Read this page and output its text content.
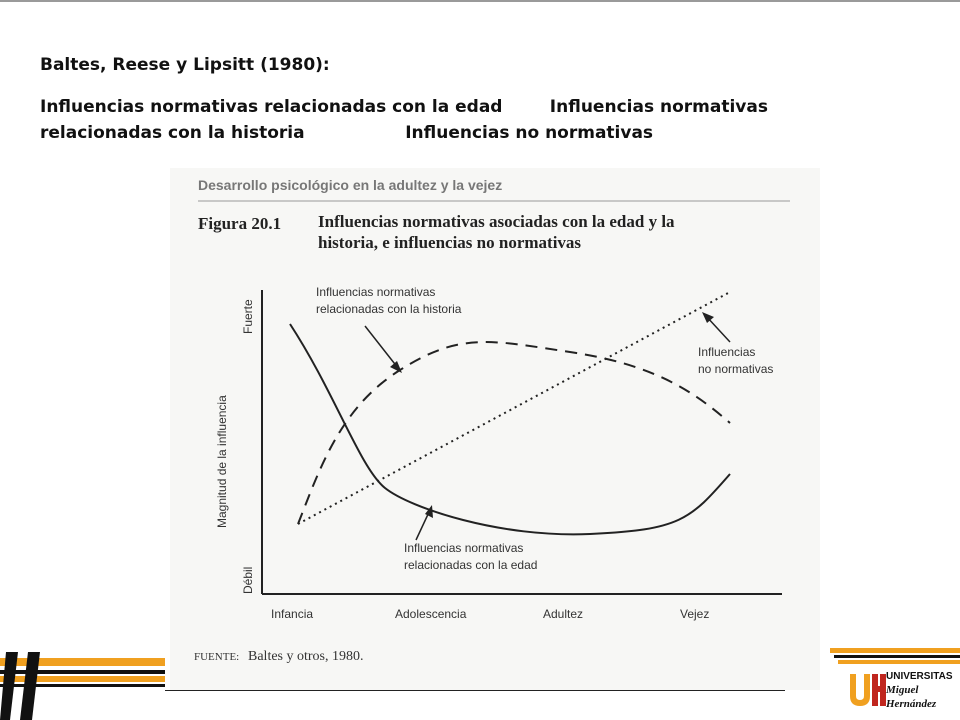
Baltes, Reese y Lipsitt (1980):
Influencias normativas relacionadas con la edad        Influencias normativas
relacionadas con la historia                 Influencias no normativas
Desarrollo psicológico en la adultez y la vejez
Figura 20.1 Influencias normativas asociadas con la edad y la
historia, e influencias no normativas
Fuerte
Magnitud de la influencia
Débil
Infancia	Adolescencia	Adultez	Vejez
Influencias normativas
relacionadas con la historia
Influencias
no normativas
Influencias normativas
relacionadas con la edad
FUENTE: Baltes y otros, 1980.
UNIVERSITAS
Miguel
Hernández
